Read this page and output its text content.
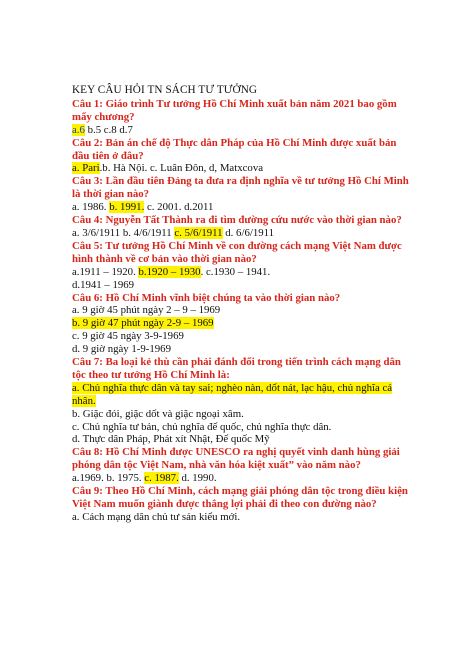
KEY CÂU HỎI TN SÁCH TƯ TƯỞNG
Câu 1: Giáo trình Tư tưởng Hồ Chí Minh xuất bản năm 2021 bao gồm mấy chương?
a.6 b.5 c.8 d.7
Câu 2: Bản án chế độ Thực dân Pháp của Hồ Chí Minh được xuất bản đầu tiên ở đâu?
a. Pari.b. Hà Nội. c. Luân Đôn, d, Matxcova
Câu 3: Lần đầu tiên Đảng ta đưa ra định nghĩa về tư tưởng Hồ Chí Minh là thời gian nào?
a. 1986. b. 1991. c. 2001. d.2011
Câu 4: Nguyễn Tất Thành ra đi tìm đường cứu nước vào thời gian nào?
a. 3/6/1911 b. 4/6/1911 c. 5/6/1911 d. 6/6/1911
Câu 5: Tư tưởng Hồ Chí Minh về con đường cách mạng Việt Nam được hình thành về cơ bản vào thời gian nào?
a.1911 – 1920. b.1920 – 1930. c.1930 – 1941.
d.1941 – 1969
Câu 6: Hồ Chí Minh vĩnh biệt chúng ta vào thời gian nào?
a. 9 giờ 45 phút ngày 2 – 9 – 1969
b. 9 giờ 47 phút ngày 2-9 – 1969
c. 9 giờ 45 ngày 3-9-1969
d. 9 giờ ngày 1-9-1969
Câu 7: Ba loại kẻ thù cần phải đánh đổi trong tiến trình cách mạng dân tộc theo tư tưởng Hồ Chí Minh là:
a. Chủ nghĩa thực dân và tay sai; nghèo nàn, dốt nát, lạc hậu, chủ nghĩa cá nhân.
b. Giặc đói, giặc dốt và giặc ngoại xâm.
c. Chủ nghĩa tư bản, chủ nghĩa đế quốc, chủ nghĩa thực dân.
d. Thực dân Pháp, Phát xít Nhật, Đế quốc Mỹ
Câu 8: Hồ Chí Minh được UNESCO ra nghị quyết vinh danh hùng giải phóng dân tộc Việt Nam, nhà văn hóa kiệt xuất” vào năm nào?
a.1969. b. 1975. c. 1987. d. 1990.
Câu 9: Theo Hồ Chí Minh, cách mạng giải phóng dân tộc trong điều kiện Việt Nam muốn giành được thắng lợi phải đi theo con đường nào?
a. Cách mạng dân chủ tư sản kiểu mới.
